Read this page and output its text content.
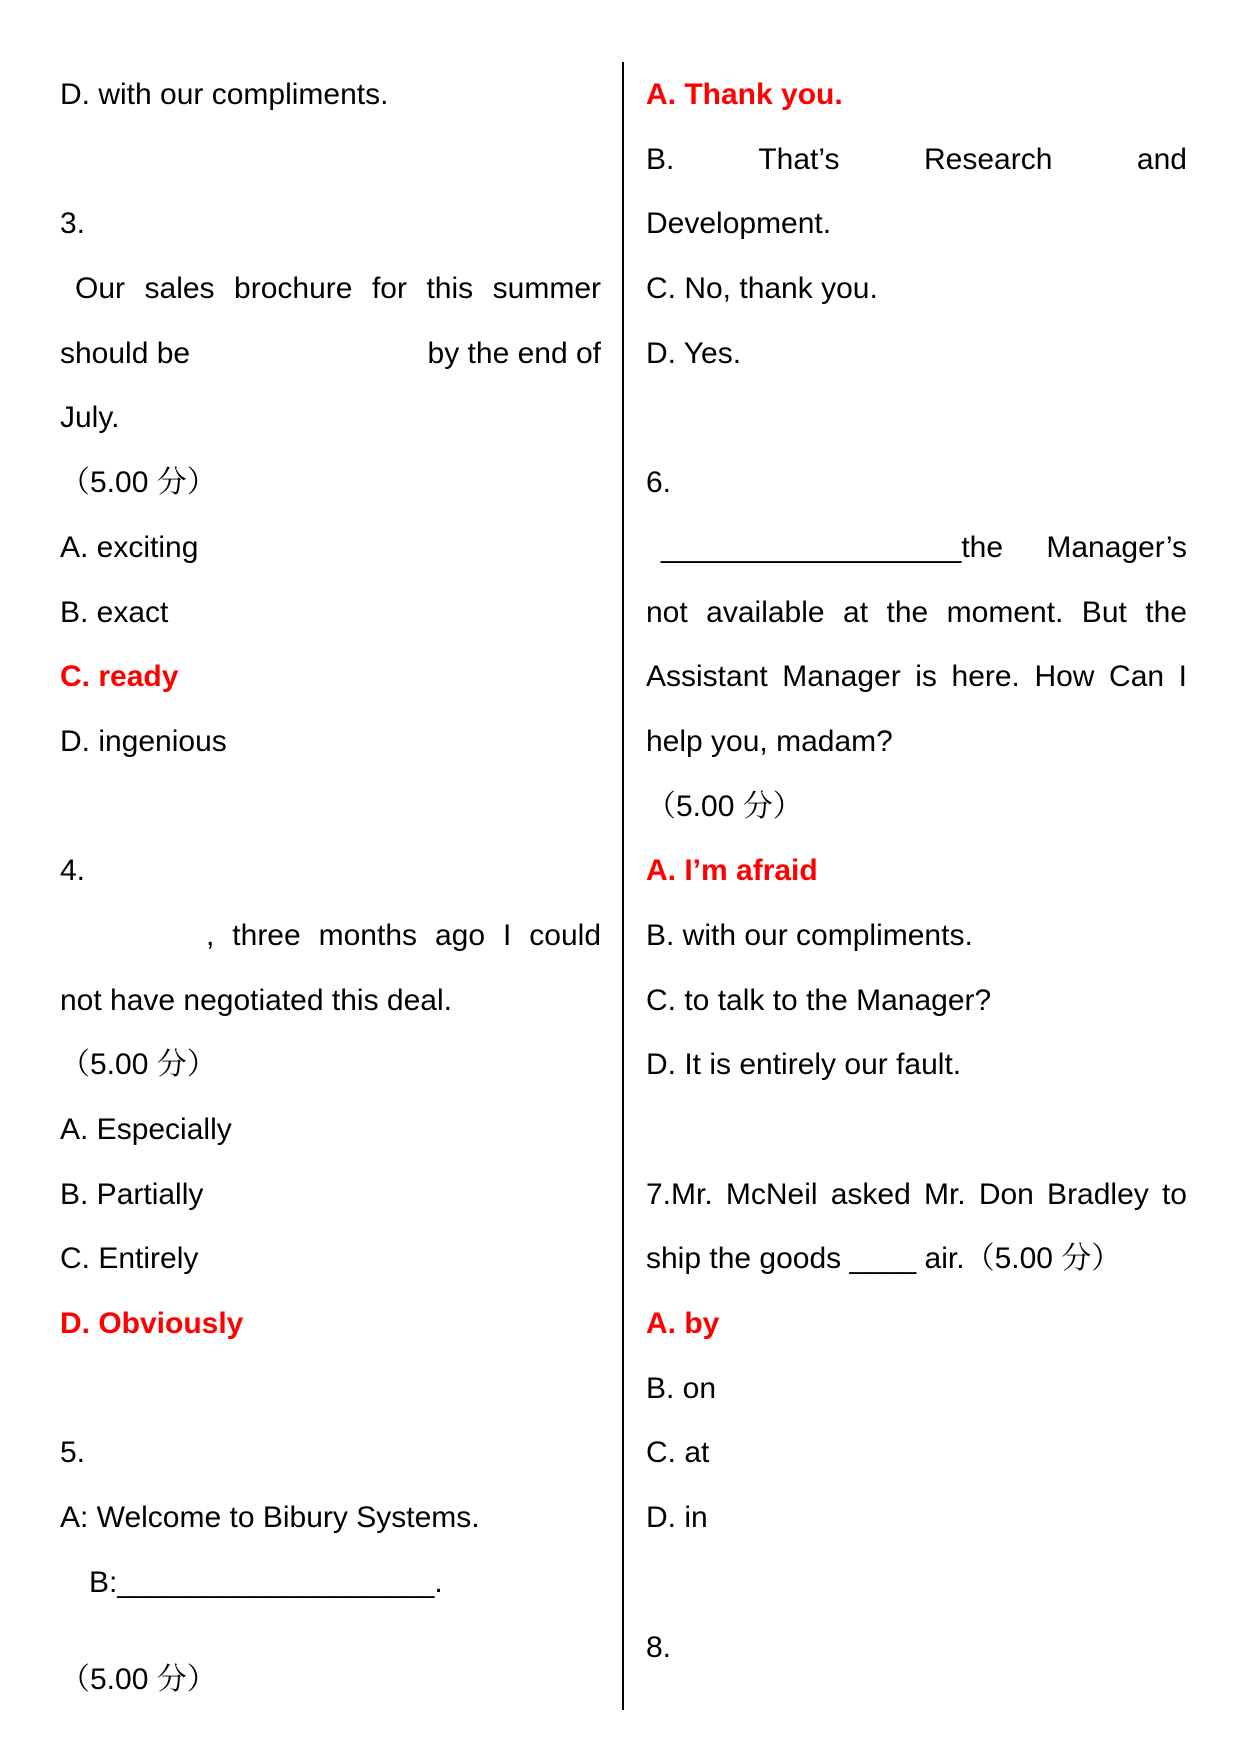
D. with our compliments.
3.
Our sales brochure for this summer
should be	by the end of
July.
（5.00 分）
A. exciting
B. exact
C. ready
D. ingenious
4.
, three months ago I could
not have negotiated this deal.
（5.00 分）
A. Especially
B. Partially
C. Entirely
D. Obviously
5.
A: Welcome to Bibury Systems.
B:___________________.
（5.00 分）
A. Thank you.
B. That’s Research and
Development.
C. No, thank you.
D. Yes.
6.
__________________the Manager’s
not available at the moment. But the
Assistant Manager is here. How Can I
help you, madam?
（5.00 分）
A. I’m afraid
B. with our compliments.
C. to talk to the Manager?
D. It is entirely our fault.
7.Mr. McNeil asked Mr. Don Bradley to
ship the goods ____ air.（5.00 分）
A. by
B. on
C. at
D. in
8.
